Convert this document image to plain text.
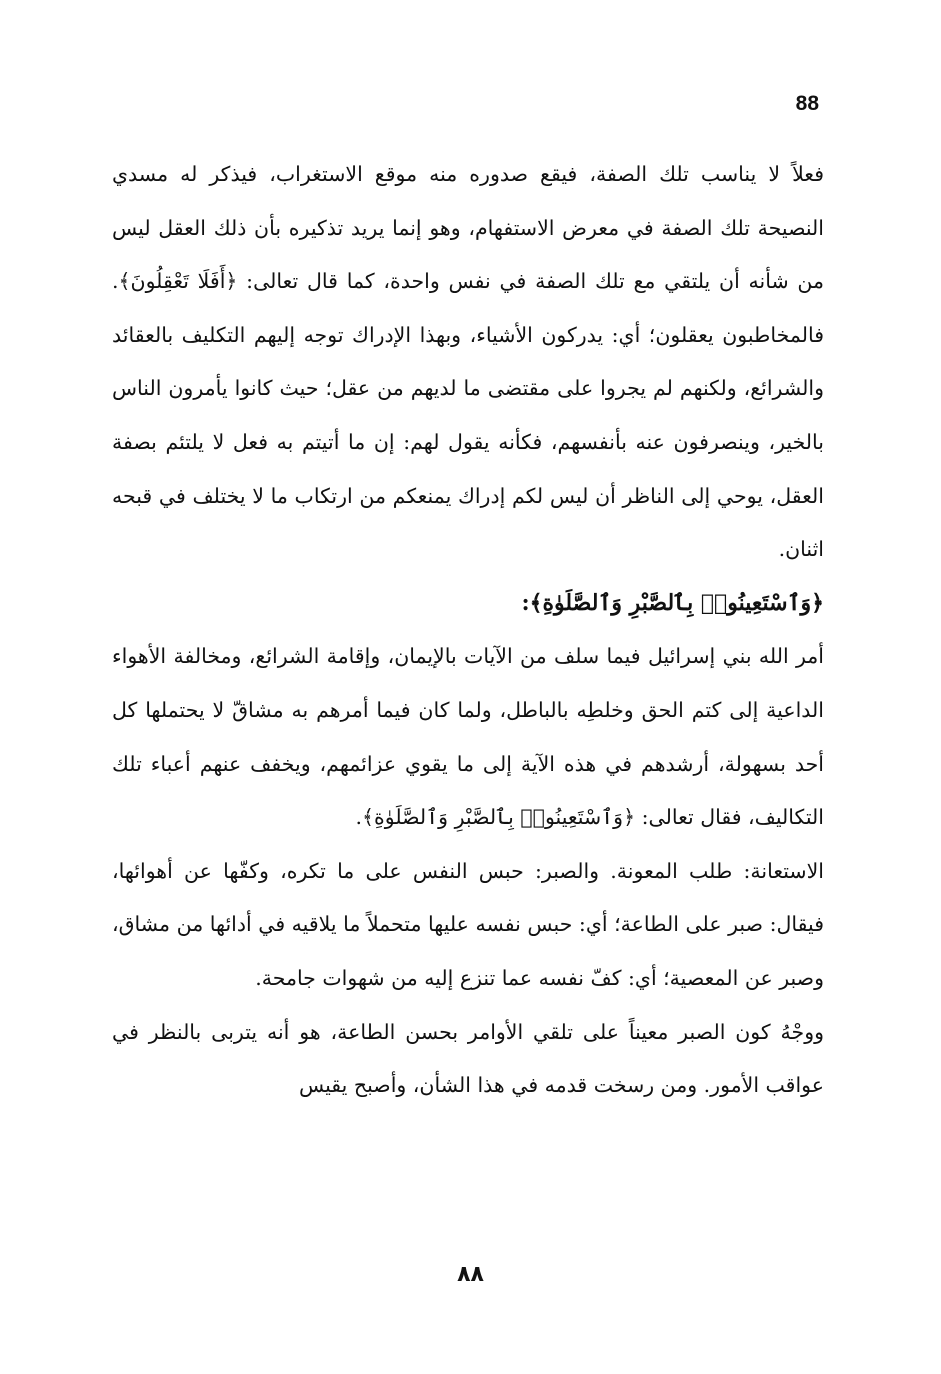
88

فعلاً لا يناسب تلك الصفة، فيقع صدوره منه موقع الاستغراب، فيذكر له مسدي النصيحة تلك الصفة في معرض الاستفهام، وهو إنما يريد تذكيره بأن ذلك العقل ليس من شأنه أن يلتقي مع تلك الصفة في نفس واحدة، كما قال تعالى: ﴿أَفَلَا تَعْقِلُونَ﴾. فالمخاطبون يعقلون؛ أي: يدركون الأشياء، وبهذا الإدراك توجه إليهم التكليف بالعقائد والشرائع، ولكنهم لم يجروا على مقتضى ما لديهم من عقل؛ حيث كانوا يأمرون الناس بالخير، وينصرفون عنه بأنفسهم، فكأنه يقول لهم: إن ما أتيتم به فعل لا يلتئم بصفة العقل، يوحي إلى الناظر أن ليس لكم إدراك يمنعكم من ارتكاب ما لا يختلف في قبحه اثنان.

﴿وَٱسْتَعِينُوا۟ بِٱلصَّبْرِ وَٱلصَّلَوٰةِ﴾:

أمر الله بني إسرائيل فيما سلف من الآيات بالإيمان، وإقامة الشرائع، ومخالفة الأهواء الداعية إلى كتم الحق وخلطِه بالباطل، ولما كان فيما أمرهم به مشاقّ لا يحتملها كل أحد بسهولة، أرشدهم في هذه الآية إلى ما يقوي عزائمهم، ويخفف عنهم أعباء تلك التكاليف، فقال تعالى: ﴿وَٱسْتَعِينُوا۟ بِٱلصَّبْرِ وَٱلصَّلَوٰةِ﴾.

الاستعانة: طلب المعونة. والصبر: حبس النفس على ما تكره، وكفّها عن أهوائها، فيقال: صبر على الطاعة؛ أي: حبس نفسه عليها متحملاً ما يلاقيه في أدائها من مشاق، وصبر عن المعصية؛ أي: كفّ نفسه عما تنزع إليه من شهوات جامحة.

ووجْهُ كون الصبر معيناً على تلقي الأوامر بحسن الطاعة، هو أنه يتربى بالنظر في عواقب الأمور. ومن رسخت قدمه في هذا الشأن، وأصبح يقيس

٨٨
